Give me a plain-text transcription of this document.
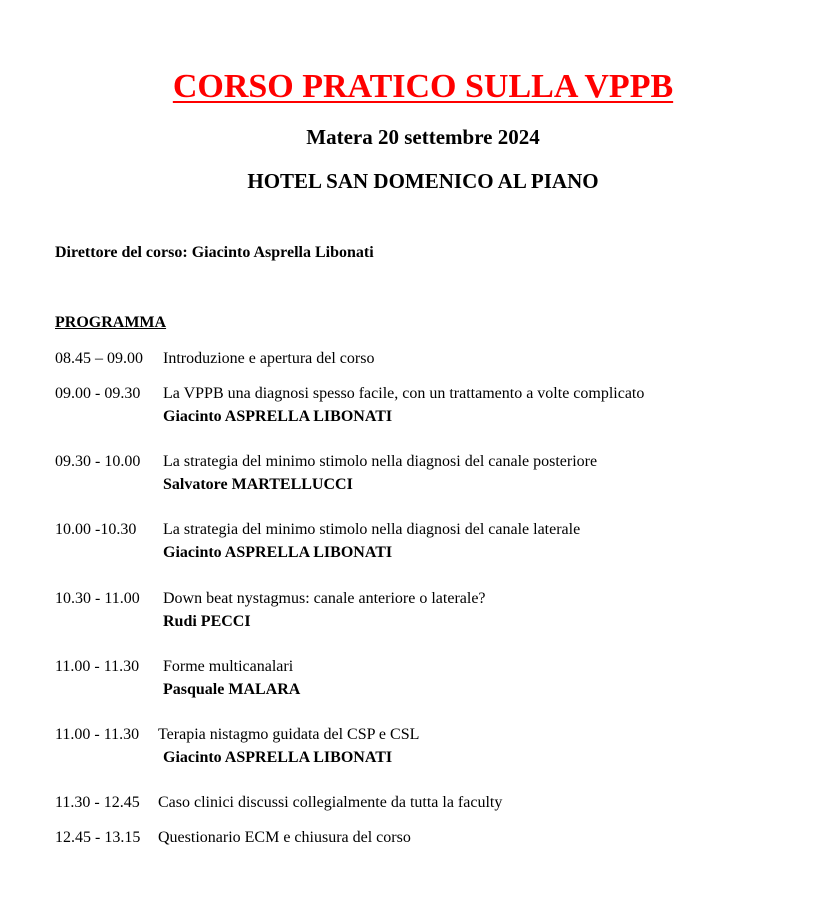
CORSO PRATICO SULLA VPPB

Matera 20 settembre 2024

HOTEL SAN DOMENICO AL PIANO

Direttore del corso: Giacinto Asprella Libonati

PROGRAMMA

08.45 – 09.00 Introduzione e apertura del corso
09.00 - 09.30 La VPPB una diagnosi spesso facile, con un trattamento a volte complicato
Giacinto ASPRELLA LIBONATI
09.30 - 10.00 La strategia del minimo stimolo nella diagnosi del canale posteriore
Salvatore MARTELLUCCI
10.00 -10.30 La strategia del minimo stimolo nella diagnosi del canale laterale
Giacinto ASPRELLA LIBONATI
10.30 - 11.00 Down beat nystagmus: canale anteriore o laterale?
Rudi PECCI
11.00 - 11.30 Forme multicanalari
Pasquale MALARA
11.00 - 11.30 Terapia nistagmo guidata del CSP e CSL
Giacinto ASPRELLA LIBONATI
11.30 - 12.45 Caso clinici discussi collegialmente da tutta la faculty
12.45 - 13.15 Questionario ECM e chiusura del corso
